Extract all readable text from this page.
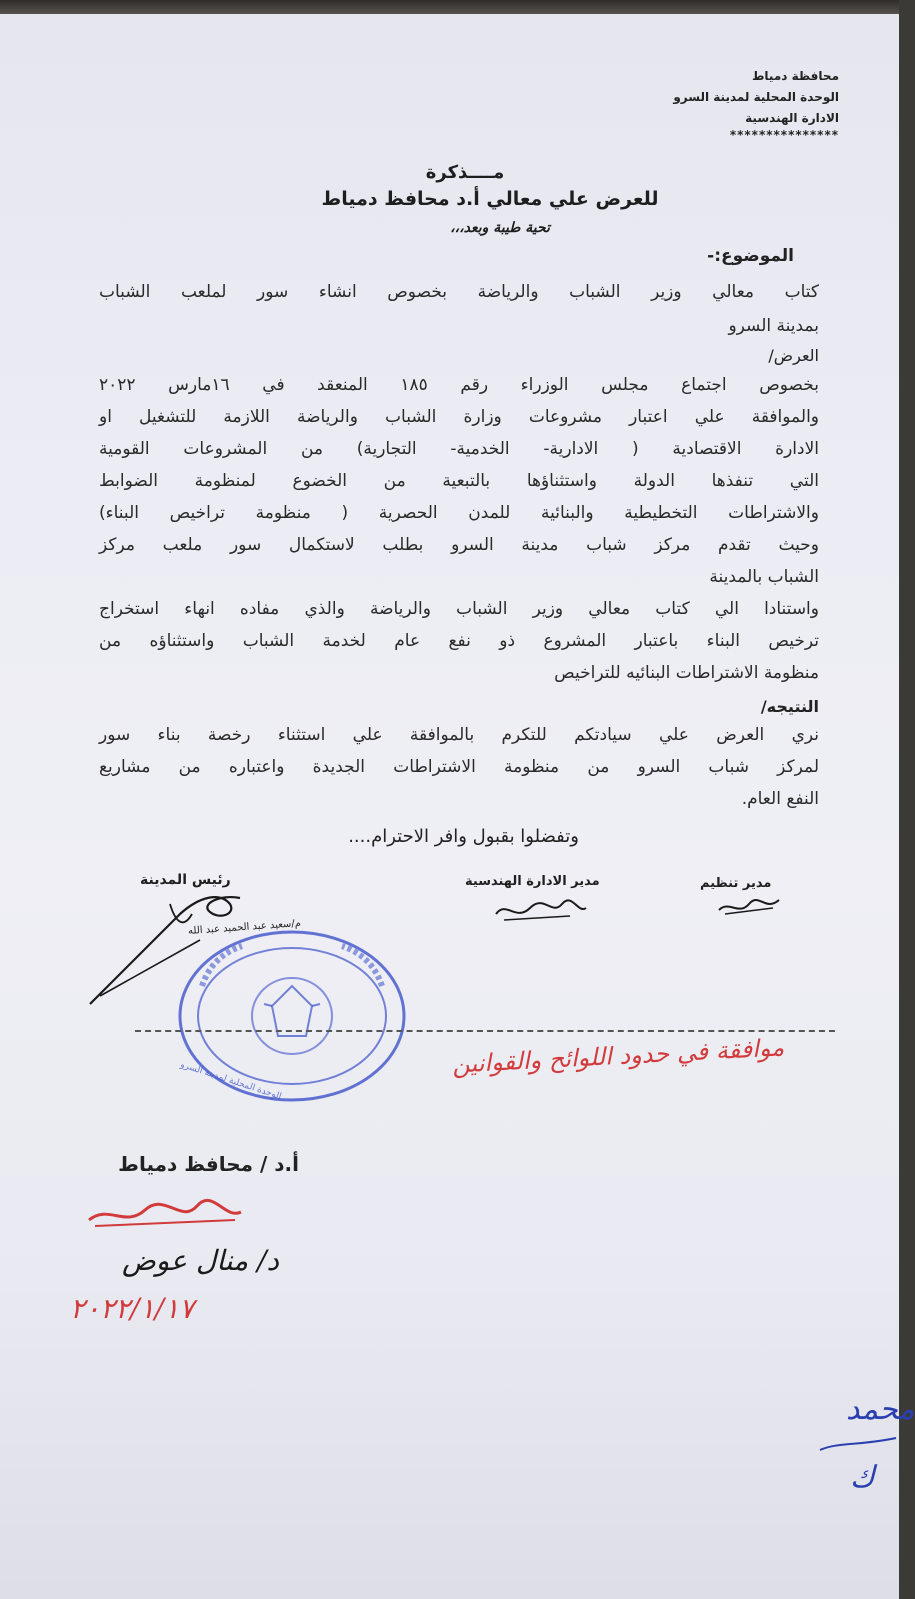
محافظة دمياط
الوحدة المحلية لمدينة السرو
الادارة الهندسية
***************
مــــذكرة
للعرض علي معالي أ.د محافظ دمياط
تحية طيبة وبعد،،،
الموضوع:-
كتاب معالي وزير الشباب والرياضة بخصوص انشاء سور لملعب الشباب
بمدينة السرو
العرض/
بخصوص اجتماع مجلس الوزراء رقم ١٨٥ المنعقد في ١٦مارس ٢٠٢٢
والموافقة علي اعتبار مشروعات وزارة الشباب والرياضة اللازمة للتشغيل او
الادارة الاقتصادية ( الادارية- الخدمية- التجارية) من المشروعات القومية
التي تنفذها الدولة واستثناؤها بالتبعية من الخضوع لمنظومة الضوابط
والاشتراطات التخطيطية والبنائية للمدن الحصرية ( منظومة تراخيص البناء)
وحيث تقدم مركز شباب مدينة السرو بطلب لاستكمال سور ملعب مركز
الشباب بالمدينة
واستنادا الي كتاب معالي وزير الشباب والرياضة والذي مفاده انهاء استخراج
ترخيص البناء باعتبار المشروع ذو نفع عام لخدمة الشباب واستثناؤه من
منظومة الاشتراطات البنائيه للتراخيص
النتيجه/
نري العرض علي سيادتكم للتكرم بالموافقة علي استثناء رخصة بناء سور
لمركز شباب السرو من منظومة الاشتراطات الجديدة واعتباره من مشاريع
النفع العام.
وتفضلوا بقبول وافر الاحترام....
مدير تنظيم
مدير الادارة الهندسية
رئيس المدينة
م/سعيد عبد الحميد عبد الله
الوحدة المحلية لمدينة السرو
موافقة في حدود اللوائح والقوانين
أ.د / محافظ دمياط
د/ منال عوض
٢٠٢٢/١/١٧
محمد
ك
